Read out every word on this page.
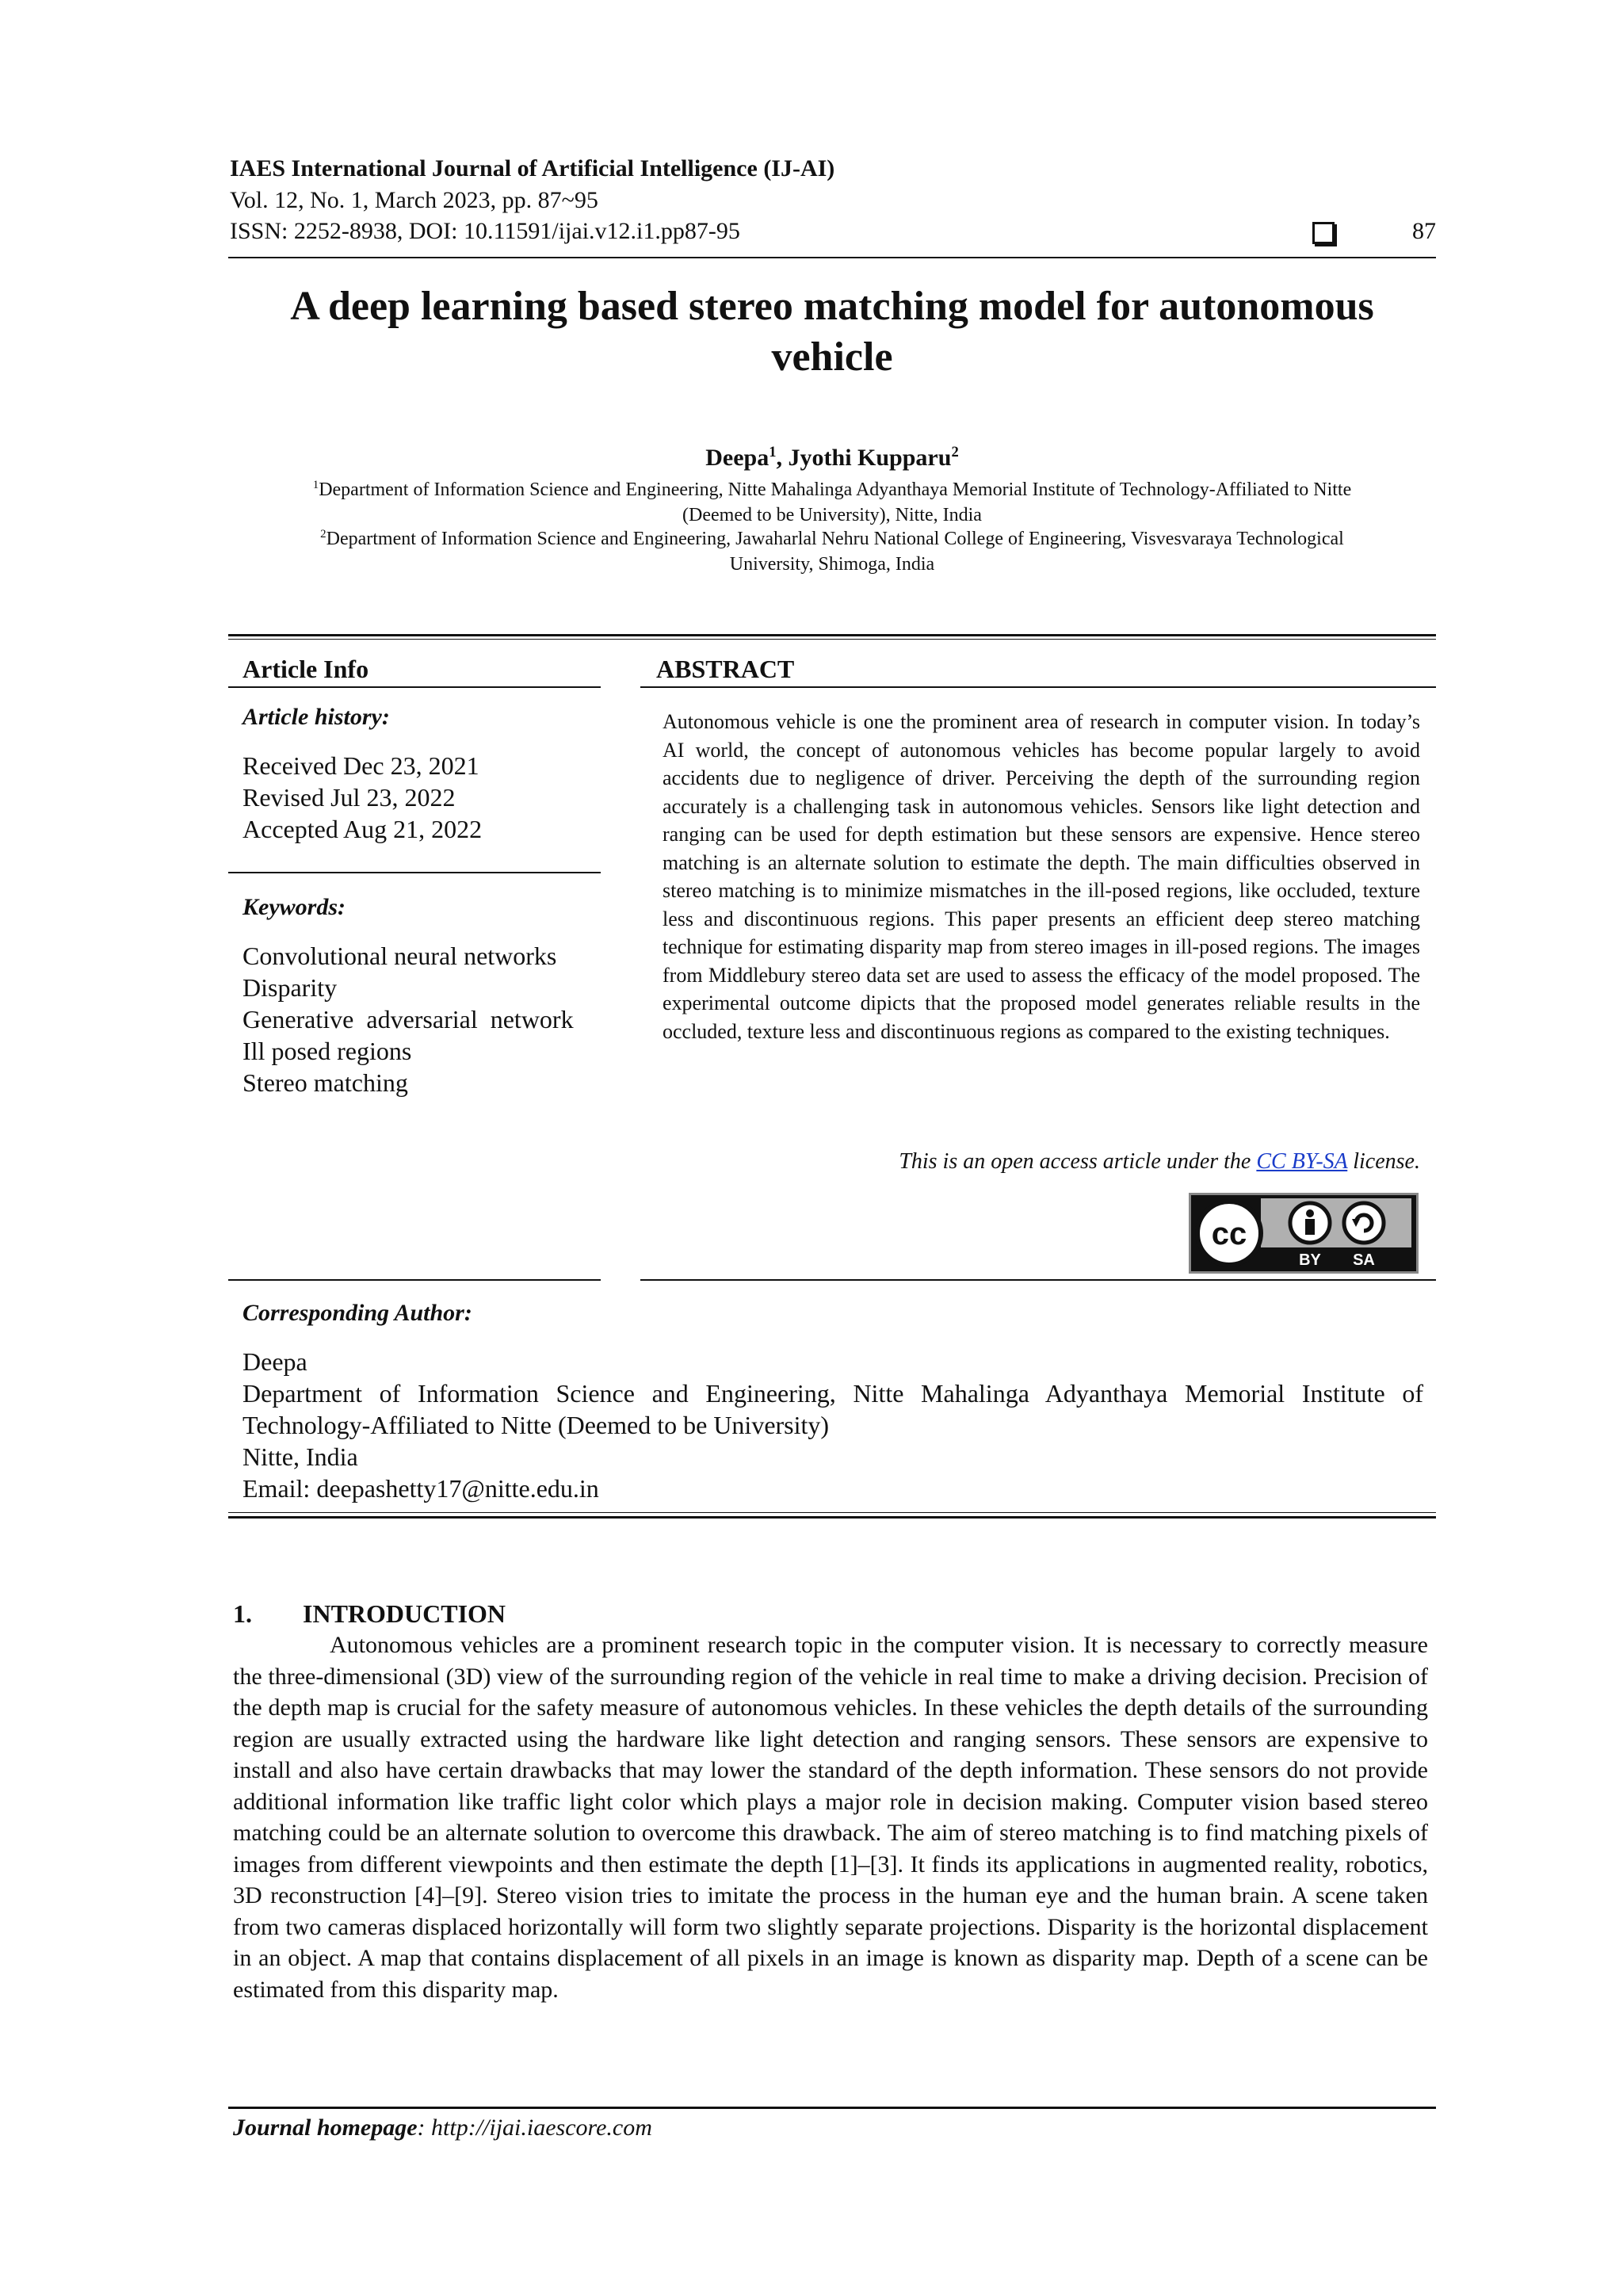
IAES International Journal of Artificial Intelligence (IJ-AI)
Vol. 12, No. 1, March 2023, pp. 87~95
ISSN: 2252-8938, DOI: 10.11591/ijai.v12.i1.pp87-95	87
A deep learning based stereo matching model for autonomous
vehicle
Deepa$^1$, Jyothi Kupparu$^2$
$^1$Department of Information Science and Engineering, Nitte Mahalinga Adyanthaya Memorial Institute of Technology-Affiliated to Nitte
(Deemed to be University), Nitte, India
$^2$Department of Information Science and Engineering, Jawaharlal Nehru National College of Engineering, Visvesvaraya Technological
University, Shimoga, India
Article Info
Article history:
Received Dec 23, 2021
Revised Jul 23, 2022
Accepted Aug 21, 2022
Keywords:
Convolutional neural networks
Disparity
Generative  adversarial  network
Ill posed regions
Stereo matching
ABSTRACT
Autonomous vehicle is one the prominent area of research in computer vision. In today’s AI world, the concept of autonomous vehicles has become popular largely to avoid accidents due to negligence of driver. Perceiving the depth of the surrounding region accurately is a challenging task in autonomous vehicles. Sensors like light detection and ranging can be used for depth estimation but these sensors are expensive. Hence stereo matching is an alternate solution to estimate the depth. The main difficulties observed in stereo matching is to minimize mismatches in the ill-posed regions, like occluded, texture less and discontinuous regions. This paper presents an efficient deep stereo matching technique for estimating disparity map from stereo images in ill-posed regions. The images from Middlebury stereo data set are used to assess the efficacy of the model proposed. The experimental outcome dipicts that the proposed model generates reliable results in the occluded, texture less and discontinuous regions as compared to the existing techniques.
This is an open access article under the CC BY-SA license.
cc
BY SA
Corresponding Author:
Deepa
Department of Information Science and Engineering, Nitte Mahalinga Adyanthaya Memorial Institute of
Technology-Affiliated to Nitte (Deemed to be University)
Nitte, India
Email: deepashetty17@nitte.edu.in
1.  INTRODUCTION

Autonomous vehicles are a prominent research topic in the computer vision. It is necessary to correctly measure the three-dimensional (3D) view of the surrounding region of the vehicle in real time to make a driving decision. Precision of the depth map is crucial for the safety measure of autonomous vehicles. In these vehicles the depth details of the surrounding region are usually extracted using the hardware like light detection and ranging sensors. These sensors are expensive to install and also have certain drawbacks that may lower the standard of the depth information. These sensors do not provide additional information like traffic light color which plays a major role in decision making. Computer vision based stereo matching could be an alternate solution to overcome this drawback. The aim of stereo matching is to find matching pixels of images from different viewpoints and then estimate the depth [1]–[3]. It finds its applications in augmented reality, robotics, 3D reconstruction [4]–[9]. Stereo vision tries to imitate the process in the human eye and the human brain. A scene taken from two cameras displaced horizontally will form two slightly separate projections. Disparity is the horizontal displacement in an object. A map that contains displacement of all pixels in an image is known as disparity map. Depth of a scene can be estimated from this disparity map.

Journal homepage: http://ijai.iaescore.com
